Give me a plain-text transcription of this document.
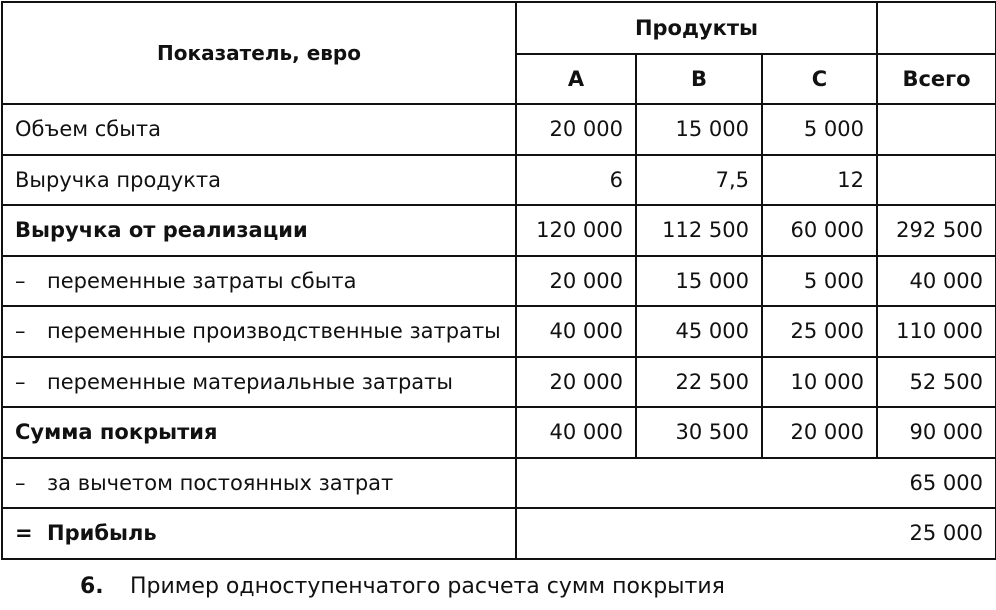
Показатель, евро	Продукты			
	A	B	C	Всего
Объем сбыта	20 000	15 000	5 000	
Выручка продукта	6	7,5	12	
Выручка от реализации	120 000	112 500	60 000	292 500
– переменные затраты сбыта	20 000	15 000	5 000	40 000
– переменные производственные затраты	40 000	45 000	25 000	110 000
– переменные материальные затраты	20 000	22 500	10 000	52 500
Сумма покрытия	40 000	30 500	20 000	90 000
– за вычетом постоянных затрат	65 000			
= Прибыль	25 000			
6. Пример одноступенчатого расчета сумм покрытия
